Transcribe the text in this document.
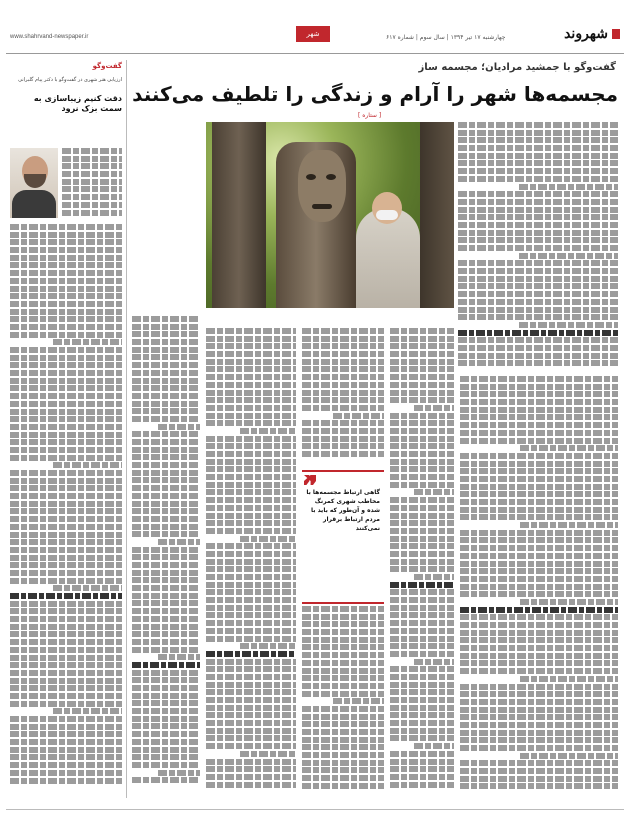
www.shahrvand-newspaper.ir	چهارشنبه ۱۷ تیر ۱۳۹۴ | سال سوم | شماره ۶۱۷
شهر	شهروند
گفت‌وگو با جمشید مرادیان؛ مجسمه ساز
مجسمه‌ها شهر را آرام و زندگی را تلطیف می‌کنند
[ ستاره ]
گفت‌وگو
ارزیابی هنر شهری در گفت‌وگو با دکتر پیام گلبرانی
دقت کنیم زیباسازی به سمت بزک نرود
گاهی ارتباط مجسمه‌ها با مخاطب شهری کمرنگ شده و آن‌طور که باید با مردم ارتباط برقرار نمی‌کنند
